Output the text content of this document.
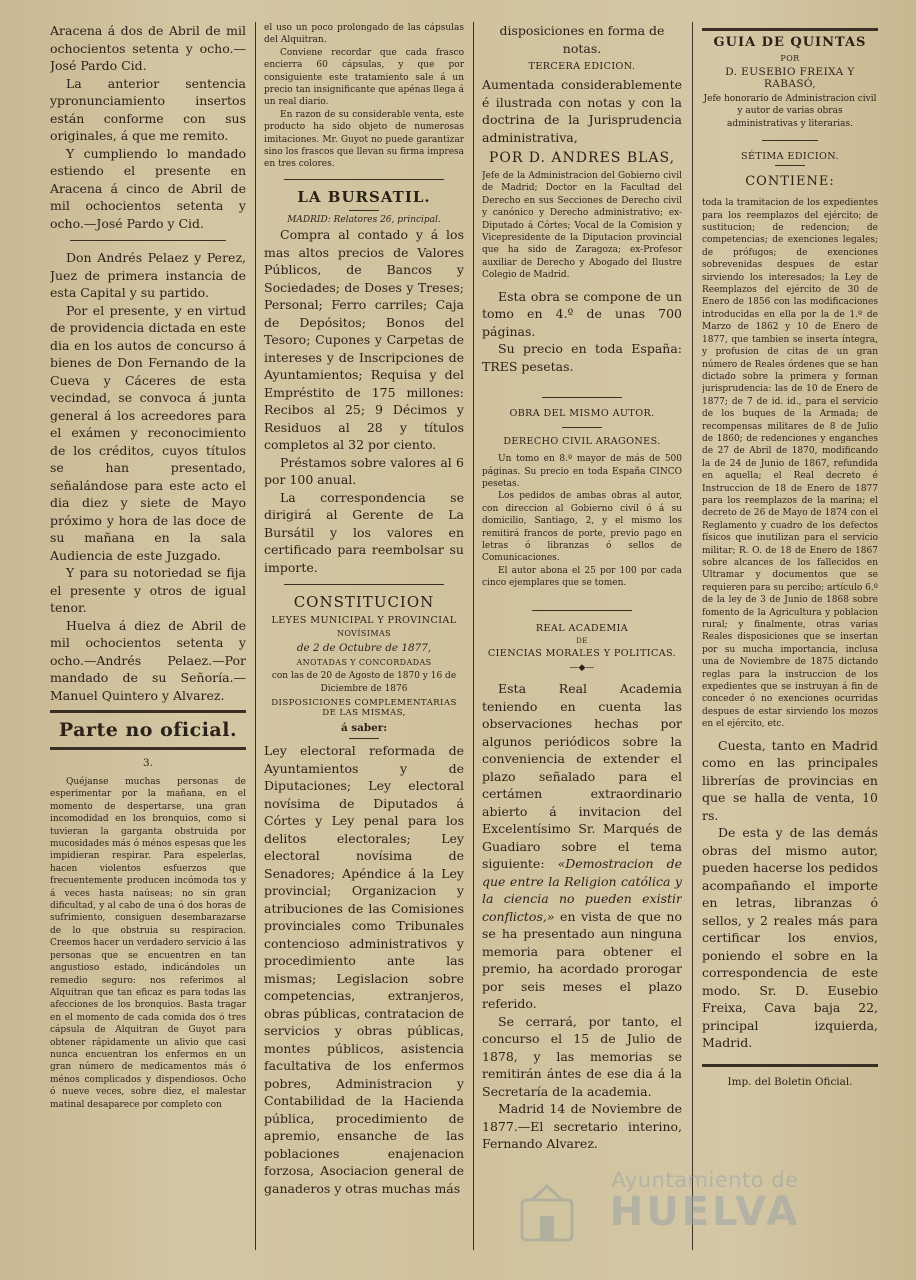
Aracena á dos de Abril de mil ochocientos setenta y ocho.—José Pardo Cid.

La anterior sentencia ypronunciamiento insertos están conforme con sus originales, á que me remito.

Y cumpliendo lo mandado estiendo el presente en Aracena á cinco de Abril de mil ochocientos setenta y ocho.—José Pardo y Cid.

Don Andrés Pelaez y Perez, Juez de primera instancia de esta Capital y su partido.

Por el presente, y en virtud de providencia dictada en este dia en los autos de concurso á bienes de Don Fernando de la Cueva y Cáceres de esta vecindad, se convoca á junta general á los acreedores para el exámen y reconocimiento de los créditos, cuyos títulos se han presentado, señalándose para este acto el dia diez y siete de Mayo próximo y hora de las doce de su mañana en la sala Audiencia de este Juzgado.

Y para su notoriedad se fija el presente y otros de igual tenor.

Huelva á diez de Abril de mil ochocientos setenta y ocho.—Andrés Pelaez.—Por mandado de su Señoría.—Manuel Quintero y Alvarez.

Parte no oficial.
3.

Quéjanse muchas personas de esperimentar por la mañana, en el momento de despertarse, una gran incomodidad en los bronquios, como si tuvieran la garganta obstruida por mucosidades más ó ménos espesas que les impidieran respirar. Para espelerlas, hacen violentos esfuerzos que frecuentemente producen incómoda tos y á veces hasta naúseas; no sin gran dificultad, y al cabo de una ó dos horas de sufrimiento, consiguen desembarazarse de lo que obstruia su respiracion. Creemos hacer un verdadero servicio á las personas que se encuentren en tan angustioso estado, indicándoles un remedio seguro: nos referimos al Alquitran que tan eficaz es para todas las afecciones de los bronquios. Basta tragar en el momento de cada comida dos ó tres cápsula de Alquitran de Guyot para obtener rápidamente un alivio que casi nunca encuentran los enfermos en un gran número de medicamentos más ó ménos complicados y dispendiosos. Ocho ó nueve veces, sobre diez, el malestar matinal desaparece por completo con

el uso un poco prolongado de las cápsulas del Alquitran.

Conviene recordar que cada frasco encierra 60 cápsulas, y que por consiguiente este tratamiento sale á un precio tan insignificante que apénas llega á un real diario.

En razon de su considerable venta, este producto ha sido objeto de numerosas imitaciones. Mr. Guyot no puede garantizar sino los frascos que llevan su firma impresa en tres colores.

LA BURSATIL.
MADRID: Relatores 26, principal.

Compra al contado y á los mas altos precios de Valores Públicos, de Bancos y Sociedades; de Doses y Treses; Personal; Ferro carriles; Caja de Depósitos; Bonos del Tesoro; Cupones y Carpetas de intereses y de Inscripciones de Ayuntamientos; Requisa y del Empréstito de 175 millones: Recibos al 25; 9 Décimos y Residuos al 28 y títulos completos al 32 por ciento.

Préstamos sobre valores al 6 por 100 anual.

La correspondencia se dirigirá al Gerente de La Bursátil y los valores en certificado para reembolsar su importe.

CONSTITUCION
LEYES MUNICIPAL Y PROVINCIAL
NOVÍSIMAS
de 2 de Octubre de 1877,
ANOTADAS Y CONCORDADAS
con las de 20 de Agosto de 1870 y 16 de Diciembre de 1876
DISPOSICIONES COMPLEMENTARIAS DE LAS MISMAS,
á saber:

Ley electoral reformada de Ayuntamientos y de Diputaciones; Ley electoral novísima de Diputados á Córtes y Ley penal para los delitos electorales; Ley electoral novísima de Senadores; Apéndice á la Ley provincial; Organizacion y atribuciones de las Comisiones provinciales como Tribunales contencioso administrativos y procedimiento ante las mismas; Legislacion sobre competencias, extranjeros, obras públicas, contratacion de servicios y obras públicas, montes públicos, asistencia facultativa de los enfermos pobres, Administracion y Contabilidad de la Hacienda pública, procedimiento de apremio, ensanche de las poblaciones enajenacion forzosa, Asociacion general de ganaderos y otras muchas más

disposiciones en forma de notas.

TERCERA EDICION.

Aumentada considerablemente é ilustrada con notas y con la doctrina de la Jurisprudencia administrativa,

POR D. ANDRES BLAS,

Jefe de la Administracion del Gobierno civil de Madrid; Doctor en la Facultad del Derecho en sus Secciones de Derecho civil y canónico y Derecho administrativo; ex-Diputado á Córtes; Vocal de la Comision y Vicepresidente de la Diputacion provincial que ha sido de Zaragoza; ex-Profesor auxiliar de Derecho y Abogado del Ilustre Colegio de Madrid.

Esta obra se compone de un tomo en 4.º de unas 700 páginas.

Su precio en toda España: TRES pesetas.

OBRA DEL MISMO AUTOR.
DERECHO CIVIL ARAGONES.

Un tomo en 8.º mayor de más de 500 páginas. Su precio en toda España CINCO pesetas.

Los pedidos de ambas obras al autor, con direccion al Gobierno civil ó á su domicilio, Santiago, 2, y el mismo los remitirá francos de porte, previo pago en letras ó libranzas ó sellos de Comunicaciones.

El autor abona el 25 por 100 por cada cinco ejemplares que se tomen.

REAL ACADEMIA
DE
CIENCIAS MORALES Y POLITICAS.
—◆—

Esta Real Academia teniendo en cuenta las observaciones hechas por algunos periódicos sobre la conveniencia de extender el plazo señalado para el certámen extraordinario abierto á invitacion del Excelentísimo Sr. Marqués de Guadiaro sobre el tema siguiente: «Demostracion de que entre la Religion católica y la ciencia no pueden existir conflictos,» en vista de que no se ha presentado aun ninguna memoria para obtener el premio, ha acordado prorogar por seis meses el plazo referido.

Se cerrará, por tanto, el concurso el 15 de Julio de 1878, y las memorias se remitirán ántes de ese dia á la Secretaría de la academia.

Madrid 14 de Noviembre de 1877.—El secretario interino, Fernando Alvarez.

GUIA DE QUINTAS
POR
D. EUSEBIO FREIXA Y RABASÓ,

Jefe honorario de Administracion civil y autor de varias obras administrativas y literarias.

SÉTIMA EDICION.
CONTIENE:

toda la tramitacion de los expedientes para los reemplazos del ejército; de sustitucion; de redencion; de competencias; de exenciones legales; de prófugos; de exenciones sobrevenidas despues de estar sirviendo los interesados; la Ley de Reemplazos del ejército de 30 de Enero de 1856 con las modificaciones introducidas en ella por la de 1.º de Marzo de 1862 y 10 de Enero de 1877, que tambien se inserta íntegra, y profusion de citas de un gran número de Reales órdenes que se han dictado sobre la primera y forman jurisprudencia: las de 10 de Enero de 1877; de 7 de id. id., para el servicio de los buques de la Armada; de recompensas militares de 8 de Julio de 1860; de redenciones y enganches de 27 de Abril de 1870, modificando la de 24 de Junio de 1867, refundida en aquella; el Real decreto é Instruccion de 18 de Enero de 1877 para los reemplazos de la marina; el decreto de 26 de Mayo de 1874 con el Reglamento y cuadro de los defectos físicos que inutilizan para el servicio militar; R. O. de 18 de Enero de 1867 sobre alcances de los fallecidos en Ultramar y documentos que se requieren para su percibo; artículo 6.º de la ley de 3 de Junio de 1868 sobre fomento de la Agricultura y poblacion rural; y finalmente, otras varias Reales disposiciones que se insertan por su mucha importancia, inclusa una de Noviembre de 1875 dictando reglas para la instruccion de los expedientes que se instruyan á fin de conceder ó no exenciones ocurridas despues de estar sirviendo los mozos en el ejército, etc.

Cuesta, tanto en Madrid como en las principales librerías de provincias en que se halla de venta, 10 rs.

De esta y de las demás obras del mismo autor, pueden hacerse los pedidos acompañando el importe en letras, libranzas ó sellos, y 2 reales más para certificar los envios, poniendo el sobre en la correspondencia de este modo. Sr. D. Eusebio Freixa, Cava baja 22, principal izquierda, Madrid.

Imp. del Boletin Oficial.
Ayuntamiento de
HUELVA
